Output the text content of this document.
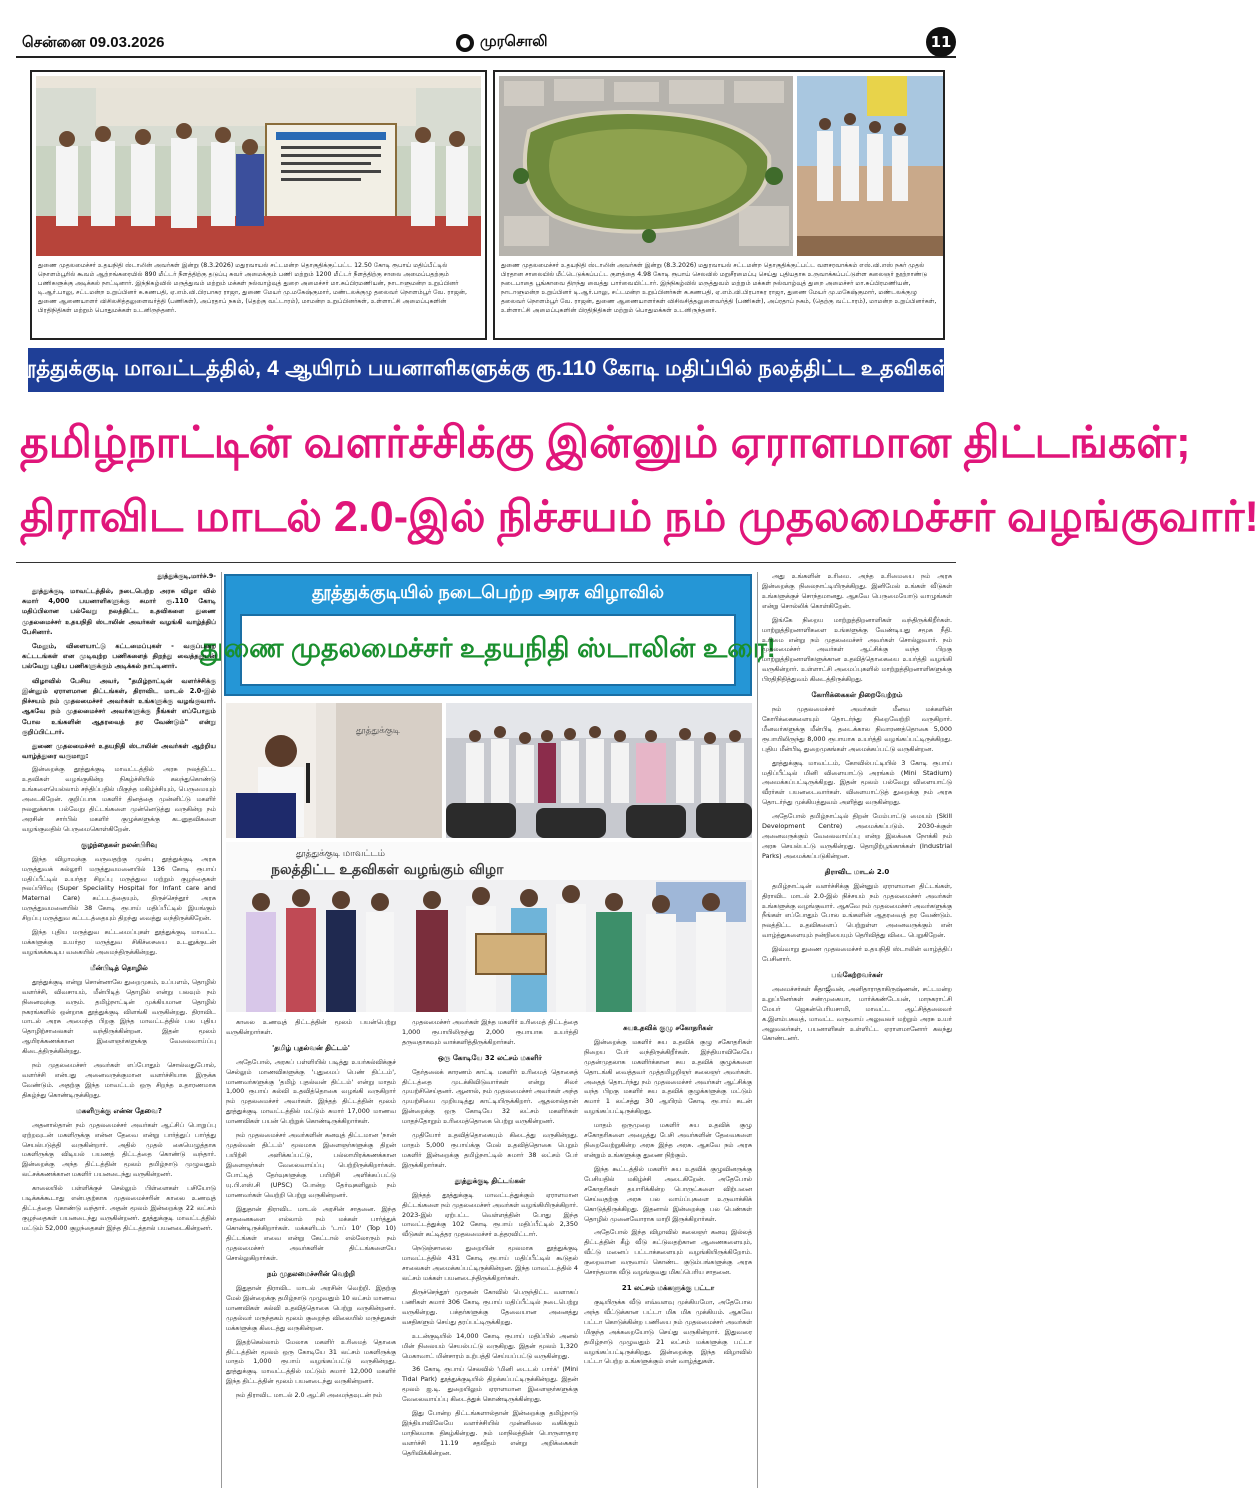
சென்னை 09.03.2026	முரசொலி	11
துணை முதலமைச்சர் உதயநிதி ஸ்டாலின் அவர்கள் இன்று (8.3.2026) மதுரவாயல் சட்டமன்ற தொகுதிக்குட்பட்ட 12.50 கோடி ரூபாய் மதிப்பீட்டில் நொளம்பூரில் கூவம் ஆற்றங்கரையில் 890 மீட்டர் நீளத்திற்கு தடுப்பு சுவர் அமைக்கும் பணி மற்றும் 1200 மீட்டர் நீளத்திற்கு சாலை அமைப்பதற்கும் பணிகளுக்கு அடிக்கல் நாட்டினார். இந்நிகழ்வில் மருத்துவம் மற்றும் மக்கள் நல்வாழ்வுத் துறை அமைச்சர் மா.சுப்பிரமணியன், நாடாளுமன்ற உறுப்பினர் டி.ஆர்.பாலு, சட்டமன்ற உறுப்பினர் க.கணபதி, ஏ.எம்.வி.பிரபாகர ராஜா, துணை மேயர் மு.மகேஷ்குமார், மண்டலக்குழு தலைவர் நொளம்பூர் வே. ராஜன், துணை ஆணையாளர் விசிலசித்தலுளைவர்த்தி (பணிகள்), அப்ரதாப் நகம், (தெற்கு வட்டாரம்), மாமன்ற உறுப்பினர்கள், உள்ளாட்சி அமைப்புகளின் பிரதிநிதிகள் மற்றும் பொதுமக்கள் உடனிருந்தனர்.
துணை முதலமைச்சர் உதயநிதி ஸ்டாலின் அவர்கள் இன்று (8.3.2026) மதுரவாயல் சட்டமன்ற தொகுதிக்குட்பட்ட வளசரவாக்கம் எஸ்.வி.எஸ் நகர் முதல் பிரதான சாலையில் மீட்டெடுக்கப்பட்ட குளத்தை 4.98 கோடி ரூபாய் செலவில் மறுசீரமைப்பு செய்து புதியதாக உருவாக்கப்பட்டுள்ள கலைஞர் நூற்றாண்டு நடைபாதை பூங்காவை திறந்து வைத்து பார்வையிட்டார். இந்நிகழ்வில் மருத்துவம் மற்றும் மக்கள் நல்வாழ்வுத் துறை அமைச்சர் மா.சுப்பிரமணியன், நாடாளுமன்ற உறுப்பினர் டி.ஆர்.பாலு, சட்டமன்ற உறுப்பினர்கள் க.கணபதி, ஏ.எம்.வி.பிரபாகர ராஜா, துணை மேயர் மு.மகேஷ்குமார், மண்டலக்குழு தலைவர் நொளம்பூர் வே. ராஜன், துணை ஆணையாளர்கள் விசிலசித்தலுளைவர்த்தி (பணிகள்), அப்ரதாப் நகம், (தெற்கு வட்டாரம்), மாமன்ற உறுப்பினர்கள், உள்ளாட்சி அமைப்புகளின் பிரதிநிதிகள் மற்றும் பொதுமக்கள் உடனிருந்தனர்.
தூத்துக்குடி மாவட்டத்தில், 4 ஆயிரம் பயனாளிகளுக்கு ரூ.110 கோடி மதிப்பில் நலத்திட்ட உதவிகள்:
தமிழ்நாட்டின் வளர்ச்சிக்கு இன்னும் ஏராளமான திட்டங்கள்;
திராவிட மாடல் 2.0-இல் நிச்சயம் நம் முதலமைச்சர் வழங்குவார்!
தூத்துக்குடியில் நடைபெற்ற அரசு விழாவில்
துணை முதலமைச்சர் உதயநிதி ஸ்டாலின் உரை!
தூத்துக்குடி
தூத்துக்குடி மாவட்டம்
நலத்திட்ட உதவிகள் வழங்கும் விழா

தூத்துக்குடி,மார்ச்.9-

தூத்துக்குடி மாவட்டத்தில், நடைபெற்ற அரசு விழா வில் சுமார் 4,000 பயனாளிகளுக்கு சுமார் ரூ.110 கோடி மதிப்பிலான பல்வேறு நலத்திட்ட உதவிகளை துணை முதலமைச்சர் உதயநிதி ஸ்டாலின் அவர்கள் வழங்கி வாழ்த்திப் பேசினார்.

மேலும், விளையாட்டு கட்டமைப்புகள் - வகுப்பறை கட்டடங்கள் என முடிவுற்ற பணிகளைத் திறந்து வைத்ததுடன் பல்வேறு புதிய பணிகளுக்கும் அடிக்கல் நாட்டினார்.

விழாவில் பேசிய அவர், "தமிழ்நாட்டின் வளர்ச்சிக்கு இன்னும் ஏராளமான திட்டங்கள், திராவிட மாடல் 2.0-இல் நிச்சயம் நம் முதலமைச்சர் அவர்கள் உங்களுக்கு வழங்குவார். ஆகவே நம் முதலமைச்சர் அவர்களுக்கு நீங்கள் எப்போதும் போல உங்களின் ஆதரவைத் தர வேண்டும்" என்று குறிப்பிட்டார்.

துணை முதலமைச்சர் உதயநிதி ஸ்டாலின் அவர்கள் ஆற்றிய வாழ்த்துரை வருமாறு:

இன்றைக்கு தூத்துக்குடி மாவட்டத்தில் அரசு நலத்திட்ட உதவிகள் வழங்குகின்ற நிகழ்ச்சியில் கலந்துகொண்டு உங்களையெல்லாம் சந்திப்பதில் மிகுந்த மகிழ்ச்சியும், பெருமையும் அடைகிறேன். குறிப்பாக மகளிர் தினத்தை முன்னிட்டு மகளிர் நலனுக்காக பல்வேறு திட்டங்களை முன்னெடுத்து வருகின்ற நம் அரசின் சார்பில் மகளிர் குழுக்களுக்கு கடனுதவிகளை வழங்குவதில் பெருமைகொள்கிறேன்.

குழந்தைகள் நலன்பிரிவு

இந்த விழாவுக்கு வருவதற்கு முன்பு தூத்துக்குடி அரசு மருத்துவக் கல்லூரி மருத்துவமனையில் 136 கோடி ரூபாய் மதிப்பீட்டில் உயர்தர சிறப்பு மருத்துவ மற்றும் குழந்தைகள் நலப்பிரிவு (Super Speciality Hospital for Infant care and Maternal Care) கட்டடத்தையும், திருச்செந்தூர் அரசு மருத்துவமனையில் 38 கோடி ரூபாய் மதிப்பீட்டில் இயங்கும் சிறப்பு மருத்துவ கட்டடத்தையும் திறந்து வைத்து வந்திருக்கிறேன்.

இந்த புதிய மருத்துவ கட்டமைப்புகள் தூத்துக்குடி மாவட்ட மக்களுக்கு உயர்தர மருத்துவ சிகிச்சையை உடனுக்குடன் வழங்கக்கூடிய வகையில் அமைந்திருக்கின்றது.

மீன்பிடித் தொழில்

தூத்துக்குடி என்று சொன்னாலே துறைமுகம், உப்பளம், தொழில் வளர்ச்சி, விவசாயம், மீன்பிடித் தொழில் என்று பலவும் நம் நினைவுக்கு வரும். தமிழ்நாட்டின் முக்கியமான தொழில் நகரங்களில் ஒன்றாக தூத்துக்குடி விளங்கி வருகின்றது. திராவிட மாடல் அரசு அமைந்த பிறகு இந்த மாவட்டத்தில் பல புதிய தொழிற்சாலைகள் வந்திருக்கின்றன. இதன் மூலம் ஆயிரக்கணக்கான இளைஞர்களுக்கு வேலைவாய்ப்பு கிடைத்திருக்கின்றது.

நம் முதலமைச்சர் அவர்கள் எப்போதும் சொல்வதுபோல், வளர்ச்சி என்பது அனைவருக்குமான வளர்ச்சியாக இருக்க வேண்டும். அதற்கு இந்த மாவட்டம் ஒரு சிறந்த உதாரணமாக திகழ்ந்து கொண்டிருக்கிறது.

மகளிருக்கு என்ன தேவை?

அதனால்தான் நம் முதலமைச்சர் அவர்கள் ஆட்சிப் பொறுப்பு ஏற்றவுடன் மகளிருக்கு என்ன தேவை என்று பார்த்துப் பார்த்து செயல்படுத்தி வருகின்றார். அதில் முதல் கையெழுத்தாக மகளிருக்கு விடியல் பயணத் திட்டத்தை கொண்டு வந்தார். இன்றைக்கு அந்த திட்டத்தின் மூலம் தமிழ்நாடு முழுவதும் லட்சக்கணக்கான மகளிர் பயனடைந்து வருகின்றனர்.

காலையில் பள்ளிக்குச் செல்லும் பிள்ளைகள் பசியோடு படிக்கக்கூடாது என்பதற்காக முதலமைச்சரின் காலை உணவுத் திட்டத்தை கொண்டு வந்தார். அதன் மூலம் இன்றைக்கு 22 லட்சம் குழந்தைகள் பயனடைந்து வருகின்றனர். தூத்துக்குடி மாவட்டத்தில் மட்டும் 52,000 குழந்தைகள் இந்த திட்டத்தால் பயனடைகின்றனர்.

காலை உணவுத் திட்டத்தின் மூலம் பயன்பெற்று வருகின்றார்கள்.

'தமிழ் புதல்வன் திட்டம்'

அதேபோல், அரசுப் பள்ளியில் படித்து உயர்கல்விக்குச் செல்லும் மாணவிகளுக்கு 'புதுமைப் பெண் திட்டம்', மாணவர்களுக்கு 'தமிழ் புதல்வன் திட்டம்' என்று மாதம் 1,000 ரூபாய் கல்வி உதவித்தொகை வழங்கி வருகிறார் நம் முதலமைச்சர் அவர்கள். இந்தத் திட்டத்தின் மூலம் தூத்துக்குடி மாவட்டத்தில் மட்டும் சுமார் 17,000 மாணவ மாணவிகள் பயன் பெற்றுக் கொண்டிருக்கிறார்கள்.

நம் முதலமைச்சர் அவர்களின் கனவுத் திட்டமான 'நான் முதல்வன் திட்டம்' மூலமாக இளைஞர்களுக்கு திறன் பயிற்சி அளிக்கப்பட்டு, பல்லாயிரக்கணக்கான இளைஞர்கள் வேலைவாய்ப்பு பெற்றிருக்கிறார்கள். போட்டித் தேர்வுகளுக்கு பயிற்சி அளிக்கப்பட்டு யு.பி.எஸ்.சி (UPSC) போன்ற தேர்வுகளிலும் நம் மாணவர்கள் வெற்றி பெற்று வருகின்றனர்.

இதுதான் திராவிட மாடல் அரசின் சாதனை. இந்த சாதனைகளை எல்லாம் நம் மக்கள் பார்த்துக் கொண்டிருக்கிறார்கள். மக்களிடம் 'டாப் 10' (Top 10) திட்டங்கள் எவை என்று கேட்டால் எல்லோரும் நம் முதலமைச்சர் அவர்களின் திட்டங்களையே சொல்லுகிறார்கள்.

நம் முதலமைச்சரின் வெற்றி

இதுதான் திராவிட மாடல் அரசின் வெற்றி. இதற்கு மேல் இன்றைக்கு தமிழ்நாடு முழுவதும் 10 லட்சம் மாணவ மாணவிகள் கல்வி உதவித்தொகை பெற்று வருகின்றனர். முதல்வர் மருந்தகம் மூலம் குறைந்த விலையில் மருந்துகள் மக்களுக்கு கிடைத்து வருகின்றன.

இதற்கெல்லாம் மேலாக மகளிர் உரிமைத் தொகை திட்டத்தின் மூலம் ஒரு கோடியே 31 லட்சம் மகளிருக்கு மாதம் 1,000 ரூபாய் வழங்கப்பட்டு வருகின்றது. தூத்துக்குடி மாவட்டத்தில் மட்டும் சுமார் 12,000 மகளிர் இந்த திட்டத்தின் மூலம் பயனடைந்து வருகின்றனர்.

நம் திராவிட மாடல் 2.0 ஆட்சி அமைந்தவுடன் நம்

முதலமைச்சர் அவர்கள் இந்த மகளிர் உரிமைத் திட்டத்தை 1,000 ரூபாயிலிருந்து 2,000 ரூபாயாக உயர்த்தி தருவதாகவும் வாக்களித்திருக்கிறார்கள்.

ஒரு கோடியே 32 லட்சம் மகளிர்

தேர்தலைக் காரணம் காட்டி மகளிர் உரிமைத் தொகைத் திட்டத்தை முடக்கிவிடுவார்கள் என்று சிலர் முயற்சிசெய்தனர். ஆனால், நம் முதலமைச்சர் அவர்கள் அந்த முயற்சியை முறியடித்து காட்டியிருக்கிறார். ஆதலால்தான் இன்றைக்கு ஒரு கோடியே 32 லட்சம் மகளிர்கள் மாதந்தோறும் உரிமைத்தொகை பெற்று வருகின்றனர்.

முதியோர் உதவித்தொகையும் கிடைத்து வருகின்றது. மாதம் 5,000 ரூபாய்க்கு மேல் உதவித்தொகை பெறும் மகளிர் இன்றைக்கு தமிழ்நாட்டில் சுமார் 38 லட்சம் பேர் இருக்கிறார்கள்.

தூத்துக்குடி திட்டங்கள்

இந்தத் தூத்துக்குடி மாவட்டத்துக்கும் ஏராளமான திட்டங்களை நம் முதலமைச்சர் அவர்கள் வழங்கியிருக்கிறார். 2023-இல் ஏற்பட்ட வெள்ளத்தின் போது இந்த மாவட்டத்துக்கு 102 கோடி ரூபாய் மதிப்பீட்டில் 2,350 வீடுகள் கட்டித்தர முதலமைச்சர் உத்தரவிட்டார்.

நெடுஞ்சாலை துறையின் மூலமாக தூத்துக்குடி மாவட்டத்தில் 431 கோடி ரூபாய் மதிப்பீட்டில் கூடுதல் சாலைகள் அமைக்கப்பட்டிருக்கின்றன. இந்த மாவட்டத்தில் 4 லட்சம் மக்கள் பயனடைந்திருக்கிறார்கள்.

திருச்செந்தூர் முருகன் கோவில் பெருந்திட்ட வளாகப் பணிகள் சுமார் 306 கோடி ரூபாய் மதிப்பீட்டில் நடைபெற்று வருகின்றது. பக்தர்களுக்கு தேவையான அனைத்து வசதிகளும் செய்து தரப்பட்டிருக்கிறது.

உடன்குடியில் 14,000 கோடி ரூபாய் மதிப்பில் அனல் மின் நிலையம் செயல்பட்டு வருகிறது. இதன் மூலம் 1,320 மெகாவாட் மின்சாரம் உற்பத்தி செய்யப்பட்டு வருகின்றது.

36 கோடி ரூபாய் செலவில் 'மினி டைடல் பார்க்' (Mini Tidal Park) தூத்துக்குடியில் திறக்கப்பட்டிருக்கின்றது. இதன் மூலம் ஐ.டி. துறையிலும் ஏராளமான இளைஞர்களுக்கு வேலைவாய்ப்பு கிடைத்துக் கொண்டிருக்கின்றது.

இது போன்ற திட்டங்களால்தான் இன்றைக்கு தமிழ்நாடு இந்தியாவிலேயே வளர்ச்சியில் முன்னிலை வகிக்கும் மாநிலமாக திகழ்கின்றது. நம் மாநிலத்தின் பொருளாதார வளர்ச்சி 11.19 சதவீதம் என்று அறிக்கைகள் தெரிவிக்கின்றன.

சுயஉதவிக் குழு சகோதரிகள்

இன்றைக்கு மகளிர் சுய உதவிக் குழு சகோதரிகள் நிறைய பேர் வந்திருக்கிறீர்கள். இந்தியாவிலேயே முதன்முதலாக மகளிர்க்கான சுய உதவிக் குழுக்களை தொடங்கி வைத்தவர் முத்தமிழறிஞர் கலைஞர் அவர்கள். அதைத் தொடர்ந்து நம் முதலமைச்சர் அவர்கள் ஆட்சிக்கு வந்த பிறகு மகளிர் சுய உதவிக் குழுக்களுக்கு மட்டும் சுமார் 1 லட்சத்து 30 ஆயிரம் கோடி ரூபாய் கடன் வழங்கப்பட்டிருக்கிறது.

மாதம் ஒருமுறை மகளிர் சுய உதவிக் குழு சகோதரிகளை அழைத்து பேசி அவர்களின் தேவைகளை நிறைவேற்றுகின்ற அரசு இந்த அரசு. ஆகவே நம் அரசு என்றும் உங்களுக்கு துணை நிற்கும்.

இந்த கூட்டத்தில் மகளிர் சுய உதவிக் குழுவினருக்கு பேசியதில் மகிழ்ச்சி அடைகிறேன். அதேபோல் சகோதரிகள் தயாரிக்கின்ற பொருட்களை விற்பனை செய்வதற்கு அரசு பல வாய்ப்புகளை உருவாக்கிக் கொடுத்திருக்கிறது. இதனால் இன்றைக்கு பல பெண்கள் தொழில் முனைவோராக மாறி இருக்கிறார்கள்.

அதேபோல் இந்த விழாவில் கலைஞர் கனவு இல்லத் திட்டத்தின் கீழ் வீடு கட்டுவதற்கான ஆணைகளையும், வீட்டு மனைப் பட்டாக்களையும் வழங்கியிருக்கிறோம். குறைவான வருவாய் கொண்ட குடும்பங்களுக்கு அரசு சொந்தமாக வீடு வழங்குவது மிகப்பெரிய சாதனை.

21 லட்சம் மக்களுக்கு பட்டா

குடியிருக்க வீடு எவ்வளவு முக்கியமோ, அதேபோல அந்த வீட்டுக்கான பட்டா மிக மிக முக்கியம். ஆகவே பட்டா கொடுக்கின்ற பணியை நம் முதலமைச்சர் அவர்கள் மிகுந்த அக்கறையோடு செய்து வருகின்றார். இதுவரை தமிழ்நாடு முழுவதும் 21 லட்சம் மக்களுக்கு பட்டா வழங்கப்பட்டிருக்கிறது. இன்றைக்கு இந்த விழாவில் பட்டா பெற்ற உங்களுக்கும் என் வாழ்த்துகள்.

அது உங்களின் உரிமை. அந்த உரிமையை நம் அரசு இன்றைக்கு நிலைநாட்டியிருக்கிறது. இனிமேல் உங்கள் வீடுகள் உங்களுக்குச் சொந்தமானது. ஆகவே பெருமையோடு வாழுங்கள் என்று சொல்லிக் கொள்கிறேன்.

இங்கே நிறைய மாற்றுத்திறனாளிகள் வந்திருக்கிறீர்கள். மாற்றுத்திறனாளிகளை உங்களுக்கு வேண்டியது சமூக நீதி. உரிமை என்று நம் முதலமைச்சர் அவர்கள் சொல்லுவார். நம் முதலமைச்சர் அவர்கள் ஆட்சிக்கு வந்த பிறகு மாற்றுத்திறனாளிகளுக்கான உதவித்தொகையை உயர்த்தி வழங்கி வருகின்றார். உள்ளாட்சி அமைப்புகளில் மாற்றுத்திறனாளிகளுக்கு பிரதிநிதித்துவம் கிடைத்திருக்கிறது.

கோரிக்கைகள் நிறைவேற்றம்

நம் முதலமைச்சர் அவர்கள் மீனவ மக்களின் கோரிக்கைகளையும் தொடர்ந்து நிறைவேற்றி வருகிறார். மீனவர்களுக்கு மீன்பிடி தடைக்கால நிவாரணத்தொகை 5,000 ரூபாயிலிருந்து 8,000 ரூபாயாக உயர்த்தி வழங்கப்பட்டிருக்கிறது. புதிய மீன்பிடி துறைமுகங்கள் அமைக்கப்பட்டு வருகின்றன.

தூத்துக்குடி மாவட்டம், கோவில்பட்டியில் 3 கோடி ரூபாய் மதிப்பீட்டில் மினி விளையாட்டு அரங்கம் (Mini Stadium) அமைக்கப்பட்டிருக்கிறது. இதன் மூலம் பல்வேறு விளையாட்டு வீரர்கள் பயனடைவார்கள். விளையாட்டுத் துறைக்கு நம் அரசு தொடர்ந்து முக்கியத்துவம் அளித்து வருகின்றது.

அதேபோல் தமிழ்நாட்டில் திறன் மேம்பாட்டு மையம் (Skill Development Centre) அமைக்கப்படும். 2030-க்குள் அனைவருக்கும் வேலைவாய்ப்பு என்ற இலக்கை நோக்கி நம் அரசு செயல்பட்டு வருகின்றது. தொழிற்பூங்காக்கள் (Industrial Parks) அமைக்கப்படுகின்றன.

திராவிட மாடல் 2.0

தமிழ்நாட்டின் வளர்ச்சிக்கு இன்னும் ஏராளமான திட்டங்கள், திராவிட மாடல் 2.0-இல் நிச்சயம் நம் முதலமைச்சர் அவர்கள் உங்களுக்கு வழங்குவார். ஆகவே நம் முதலமைச்சர் அவர்களுக்கு நீங்கள் எப்போதும் போல உங்களின் ஆதரவைத் தர வேண்டும். நலத்திட்ட உதவிகளைப் பெற்றுள்ள அனைவருக்கும் என் வாழ்த்துகளையும் நன்றியையும் தெரிவித்து விடை பெறுகிறேன்.

இவ்வாறு துணை முதலமைச்சர் உதயநிதி ஸ்டாலின் வாழ்த்திப் பேசினார்.

பங்கேற்றவர்கள்

அமைச்சர்கள் கீதாஜீவன், அனிதாராதாகிருஷ்ணன், சட்டமன்ற உறுப்பினர்கள் சண்முகையா, மார்க்கண்டேயன், மாநகராட்சி மேயர் ஜெகன்பெரியசாமி, மாவட்ட ஆட்சித்தலைவர் க.இளம்பகவத், மாவட்ட வருவாய் அலுவலர் மற்றும் அரசு உயர் அலுவலர்கள், பயனாளிகள் உள்ளிட்ட ஏராளமானோர் கலந்து கொண்டனர்.
